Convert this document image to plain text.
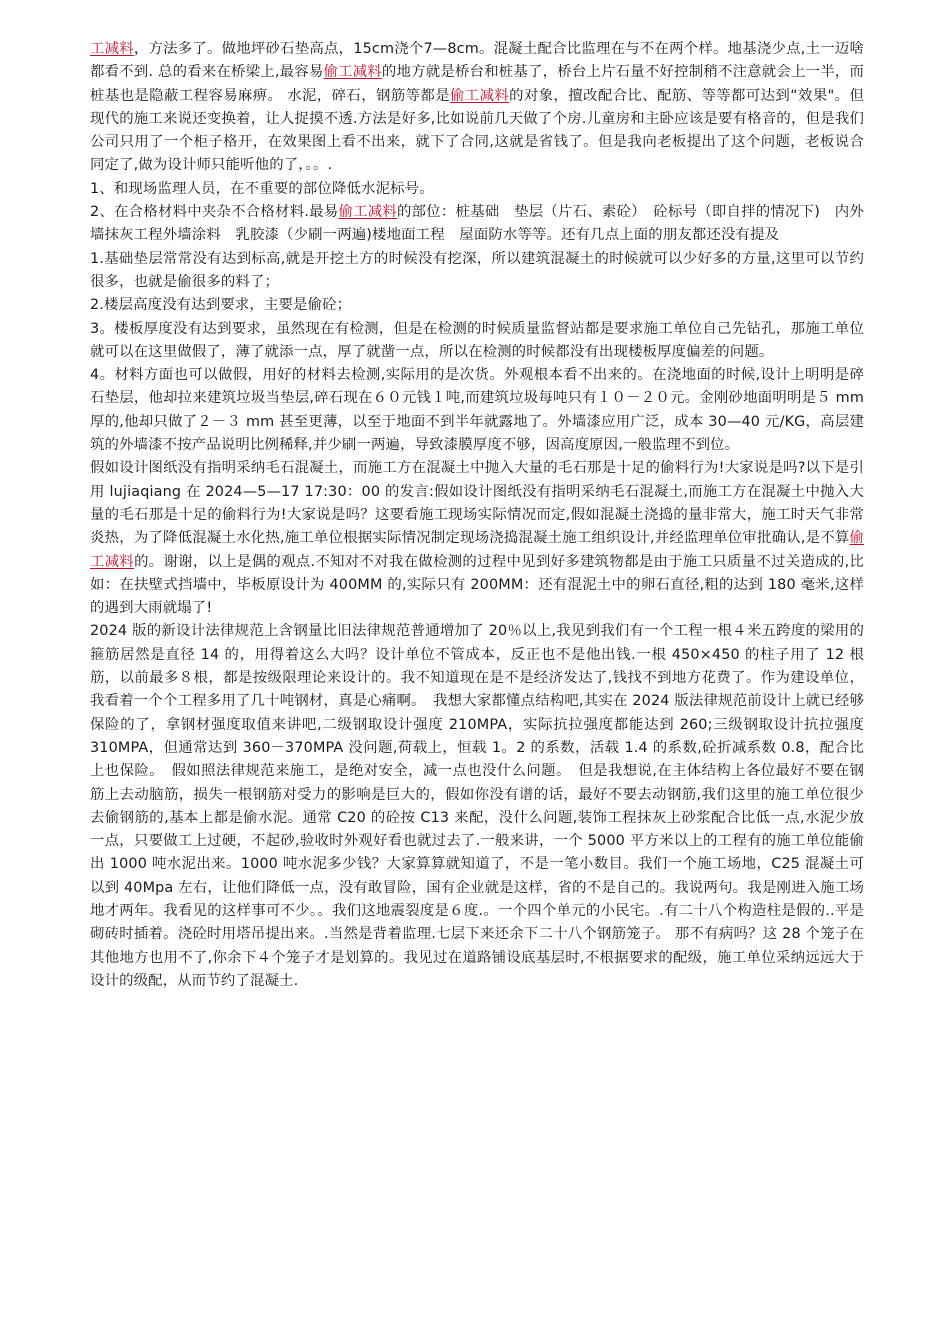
工减料，方法多了。做地坪砂石垫高点，15cm浇个7—8cm。混凝土配合比监理在与不在两个样。地基浇少点,土一迈啥都看不到. 总的看来在桥梁上,最容易偷工减料的地方就是桥台和桩基了，桥台上片石量不好控制稍不注意就会上一半，而桩基也是隐蔽工程容易麻痹。 水泥，碎石，钢筋等都是偷工减料的对象，擅改配合比、配筋、等等都可达到“效果"。但现代的施工来说还变换着，让人捉摸不透.方法是好多,比如说前几天做了个房.儿童房和主卧应该是要有格音的，但是我们公司只用了一个柜子格开，在效果图上看不出来，就下了合同,这就是省钱了。但是我向老板提出了这个问题，老板说合同定了,做为设计师只能听他的了，。。.

1、和现场监理人员，在不重要的部位降低水泥标号。

2、在合格材料中夹杂不合格材料.最易偷工减料的部位：桩基础　垫层（片石、素砼）　砼标号（即自拌的情况下)　内外墙抹灰工程外墙涂料　乳胶漆（少刷一两遍)楼地面工程　屋面防水等等。还有几点上面的朋友都还没有提及

1.基础垫层常常没有达到标高,就是开挖土方的时候没有挖深，所以建筑混凝土的时候就可以少好多的方量,这里可以节约很多，也就是偷很多的料了；

2.楼层高度没有达到要求，主要是偷砼；

3。楼板厚度没有达到要求，虽然现在有检测，但是在检测的时候质量监督站都是要求施工单位自己先钻孔，那施工单位就可以在这里做假了，薄了就添一点，厚了就凿一点，所以在检测的时候都没有出现楼板厚度偏差的问题。

4。材料方面也可以做假，用好的材料去检测,实际用的是次货。外观根本看不出来的。在浇地面的时候,设计上明明是碎石垫层，他却拉来建筑垃圾当垫层,碎石现在６０元钱１吨,而建筑垃圾每吨只有１０－２０元。金刚砂地面明明是５ mm 厚的,他却只做了２－３ mm 甚至更薄，以至于地面不到半年就露地了。外墙漆应用广泛，成本 30—40 元/KG，高层建筑的外墙漆不按产品说明比例稀释,并少刷一两遍，导致漆膜厚度不够，因高度原因,一般监理不到位。

假如设计图纸没有指明采纳毛石混凝土，而施工方在混凝土中抛入大量的毛石那是十足的偷料行为!大家说是吗?以下是引用 lujiaqiang 在 2024—5—17 17:30：00 的发言:假如设计图纸没有指明采纳毛石混凝土,而施工方在混凝土中抛入大量的毛石那是十足的偷料行为!大家说是吗？这要看施工现场实际情况而定,假如混凝土浇捣的量非常大，施工时天气非常炎热，为了降低混凝土水化热,施工单位根据实际情况制定现场浇捣混凝土施工组织设计,并经监理单位审批确认,是不算偷工减料的。谢谢，以上是偶的观点.不知对不对我在做检测的过程中见到好多建筑物都是由于施工只质量不过关造成的,比如：在扶壁式挡墙中，毕板原设计为 400MM 的,实际只有 200MM：还有混泥土中的卵石直径,粗的达到 180 毫米,这样的遇到大雨就塌了!

2024 版的新设计法律规范上含钢量比旧法律规范普通增加了 20％以上,我见到我们有一个工程一根４米五跨度的梁用的箍筋居然是直径 14 的，用得着这么大吗？设计单位不管成本，反正也不是他出钱.一根 450×450 的柱子用了 12 根筋，以前最多８根，都是按级限理论来设计的。我不知道现在是不是经济发达了,钱找不到地方花费了。作为建设单位，我看着一个个工程多用了几十吨钢材，真是心痛啊。　我想大家都懂点结构吧,其实在 2024 版法律规范前设计上就已经够保险的了，拿钢材强度取值来讲吧,二级钢取设计强度 210MPA，实际抗拉强度都能达到 260;三级钢取设计抗拉强度 310MPA，但通常达到 360－370MPA 没问题,荷载上，恒载 1。2 的系数，活载 1.4 的系数,砼折减系数 0.8，配合比上也保险。　假如照法律规范来施工，是绝对安全，减一点也没什么问题。　但是我想说,在主体结构上各位最好不要在钢筋上去动脑筋，损失一根钢筋对受力的影响是巨大的，假如你没有谱的话，最好不要去动钢筋,我们这里的施工单位很少去偷钢筋的,基本上都是偷水泥。通常 C20 的砼按 C13 来配，没什么问题,装饰工程抹灰上砂浆配合比低一点,水泥少放一点，只要做工上过硬，不起砂,验收时外观好看也就过去了.一般来讲，一个 5000 平方米以上的工程有的施工单位能偷出 1000 吨水泥出来。1000 吨水泥多少钱？大家算算就知道了，不是一笔小数目。我们一个施工场地，C25 混凝土可以到 40Mpa 左右，让他们降低一点，没有敢冒险，国有企业就是这样，省的不是自己的。我说两句。我是刚进入施工场地才两年。我看见的这样事可不少。。我们这地震裂度是６度.。一个四个单元的小民宅。.有二十八个构造柱是假的..平是砌砖时插着。浇砼时用塔吊提出来。.当然是背着监理.七层下来还余下二十八个钢筋笼子。 那不有病吗？这 28 个笼子在其他地方也用不了,你余下４个笼子才是划算的。我见过在道路铺设底基层时,不根据要求的配级，施工单位采纳远远大于设计的级配，从而节约了混凝土.
